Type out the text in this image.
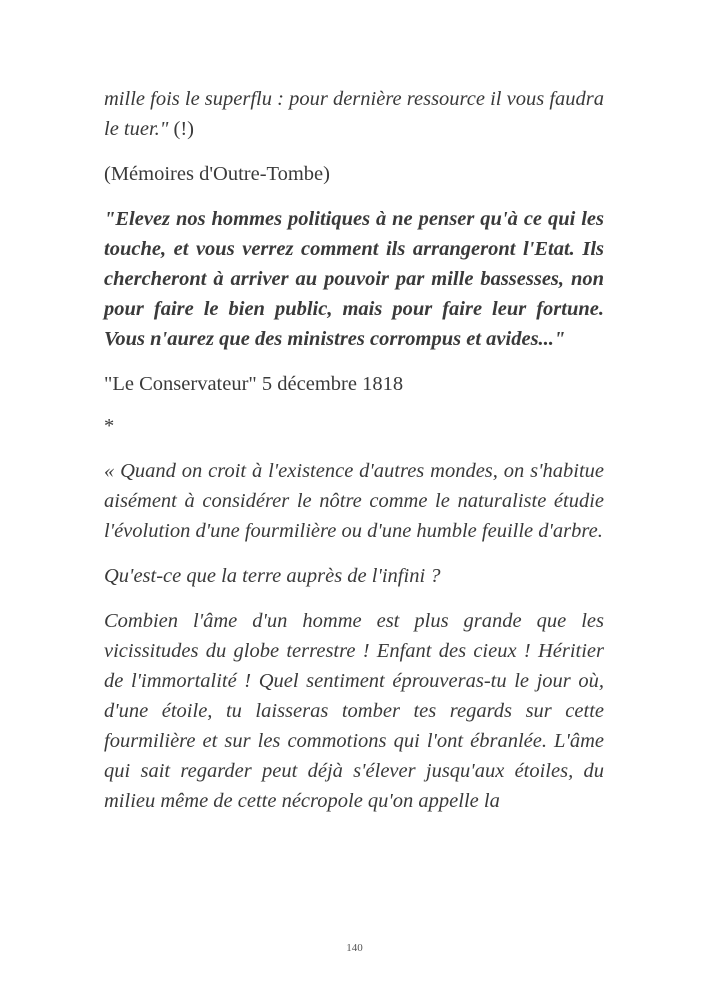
mille fois le superflu : pour dernière ressource il vous faudra le tuer." (!)

(Mémoires d'Outre-Tombe)

"Elevez nos hommes politiques à ne penser qu'à ce qui les touche, et vous verrez comment ils arrangeront l'Etat. Ils chercheront à arriver au pouvoir par mille bassesses, non pour faire le bien public, mais pour faire leur fortune. Vous n'aurez que des ministres corrompus et avides..."

"Le Conservateur" 5 décembre 1818

*

« Quand on croit à l'existence d'autres mondes, on s'habitue aisément à considérer le nôtre comme le naturaliste étudie l'évolution d'une fourmilière ou d'une humble feuille d'arbre.

Qu'est-ce que la terre auprès de l'infini ?

Combien l'âme d'un homme est plus grande que les vicissitudes du globe terrestre ! Enfant des cieux ! Héritier de l'immortalité ! Quel sentiment éprouveras-tu le jour où, d'une étoile, tu laisseras tomber tes regards sur cette fourmilière et sur les commotions qui l'ont ébranlée. L'âme qui sait regarder peut déjà s'élever jusqu'aux étoiles, du milieu même de cette nécropole qu'on appelle la

140
